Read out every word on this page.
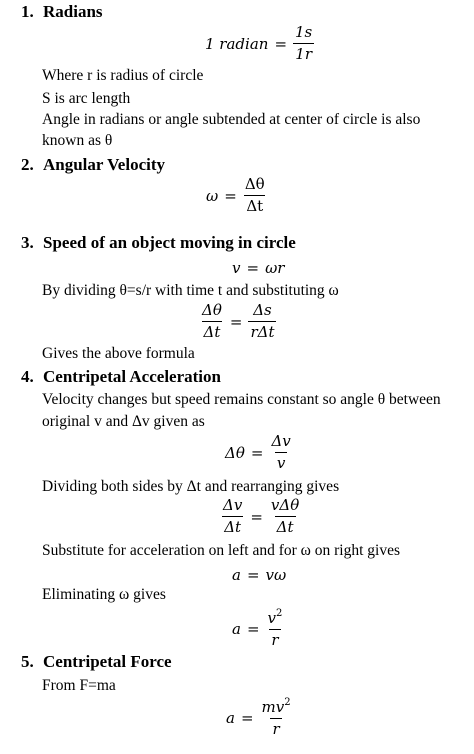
1. Radians
1 radian = $\frac{1s}{1r}$
Where r is radius of circle
S is arc length
Angle in radians or angle subtended at center of circle is also
known as θ
2. Angular Velocity
$\omega = \frac{\Delta\theta}{\Delta t}$
3. Speed of an object moving in circle
v = ωr
By dividing θ=s/r with time t and substituting ω
$\frac{\Delta\theta}{\Delta t} = \frac{\Delta s}{\text{rΔt}}$
Gives the above formula
4. Centripetal Acceleration
Velocity changes but speed remains constant so angle θ between
original v and Δv given as
$\Delta\theta = \frac{\Delta v}{v}$
Dividing both sides by Δt and rearranging gives
$\frac{\Delta v}{\Delta t} = \frac{\text{vΔθ}}{\Delta t}$
Substitute for acceleration on left and for ω on right gives
a = vω
Eliminating ω gives
$a = \frac{v^2}{r}$
5. Centripetal Force
From F=ma
$a = \frac{mv^2}{r}$
